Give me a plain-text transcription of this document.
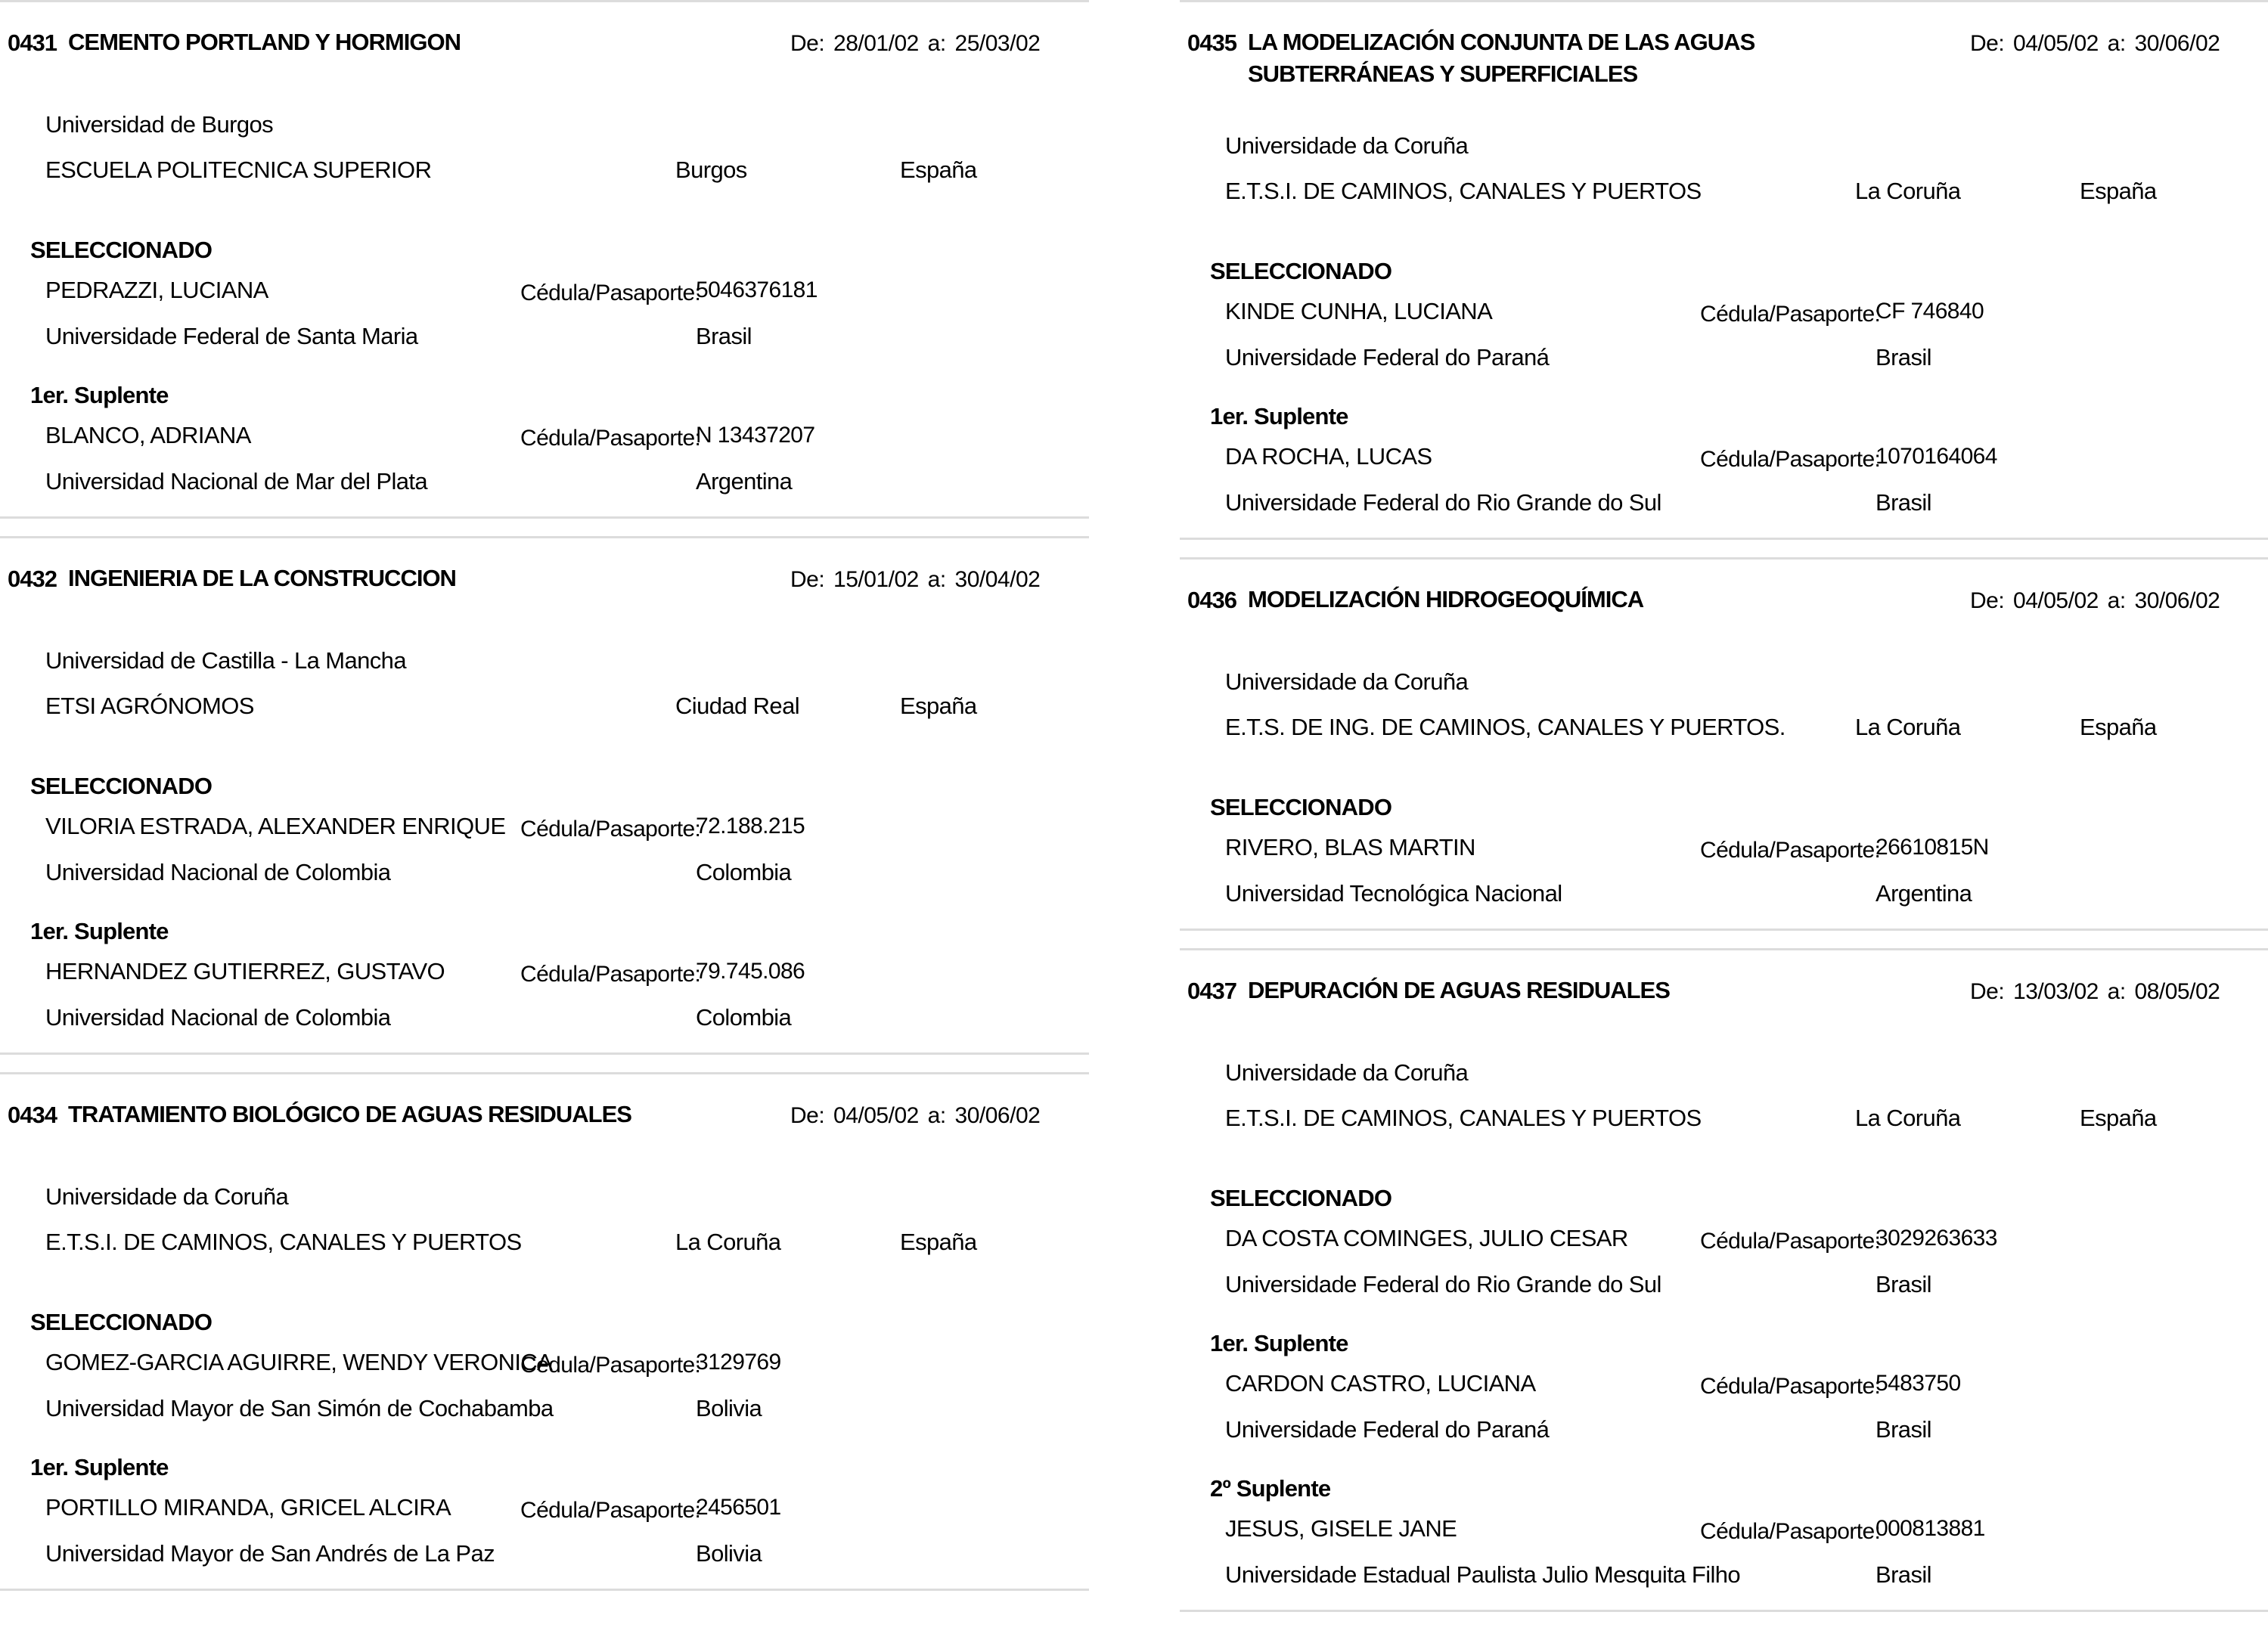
0431 CEMENTO PORTLAND Y HORMIGON	De: 28/01/02 a: 25/03/02
Universidad de Burgos
ESCUELA POLITECNICA SUPERIOR	Burgos	España
SELECCIONADO
PEDRAZZI, LUCIANA	Cédula/Pasaporte:
5046376181
Universidade Federal de Santa Maria	Brasil
1er. Suplente
BLANCO, ADRIANA	Cédula/Pasaporte:
N 13437207
Universidad Nacional de Mar del Plata	Argentina
0432 INGENIERIA DE LA CONSTRUCCION	De: 15/01/02 a: 30/04/02
Universidad de Castilla - La Mancha
ETSI AGRÓNOMOS	Ciudad Real	España
SELECCIONADO
VILORIA ESTRADA, ALEXANDER ENRIQUE Cédula/Pasaporte:
72.188.215
Universidad Nacional de Colombia	Colombia
1er. Suplente
HERNANDEZ GUTIERREZ, GUSTAVO	Cédula/Pasaporte:
79.745.086
Universidad Nacional de Colombia	Colombia
0434 TRATAMIENTO BIOLÓGICO DE AGUAS RESIDUALES	De: 04/05/02 a: 30/06/02
Universidade da Coruña
E.T.S.I. DE CAMINOS, CANALES Y PUERTOS	La Coruña	España
SELECCIONADO
GOMEZ-GARCIA AGUIRRE, WENDY VERONICA
Cédula/Pasaporte:
3129769
Universidad Mayor de San Simón de Cochabamba	Bolivia
1er. Suplente
PORTILLO MIRANDA, GRICEL ALCIRA	Cédula/Pasaporte:
2456501
Universidad Mayor de San Andrés de La Paz	Bolivia
0435 LA MODELIZACIÓN CONJUNTA DE LAS AGUAS SUBTERRÁNEAS Y SUPERFICIALES
De: 04/05/02 a: 30/06/02
Universidade da Coruña
E.T.S.I. DE CAMINOS, CANALES Y PUERTOS	La Coruña	España
SELECCIONADO
KINDE CUNHA, LUCIANA	Cédula/Pasaporte:
CF 746840
Universidade Federal do Paraná	Brasil
1er. Suplente
DA ROCHA, LUCAS	Cédula/Pasaporte:
1070164064
Universidade Federal do Rio Grande do Sul	Brasil
0436 MODELIZACIÓN HIDROGEOQUÍMICA	De: 04/05/02 a: 30/06/02
Universidade da Coruña
E.T.S. DE ING. DE CAMINOS, CANALES Y PUERTOS.	La Coruña	España
SELECCIONADO
RIVERO, BLAS MARTIN	Cédula/Pasaporte:
26610815N
Universidad Tecnológica Nacional	Argentina
0437 DEPURACIÓN DE AGUAS RESIDUALES	De: 13/03/02 a: 08/05/02
Universidade da Coruña
E.T.S.I. DE CAMINOS, CANALES Y PUERTOS	La Coruña	España
SELECCIONADO
DA COSTA COMINGES, JULIO CESAR	Cédula/Pasaporte:
3029263633
Universidade Federal do Rio Grande do Sul	Brasil
1er. Suplente
CARDON CASTRO, LUCIANA	Cédula/Pasaporte:
5483750
Universidade Federal do Paraná	Brasil
2º Suplente
JESUS, GISELE JANE	Cédula/Pasaporte:
000813881
Universidade Estadual Paulista Julio Mesquita Filho	Brasil
